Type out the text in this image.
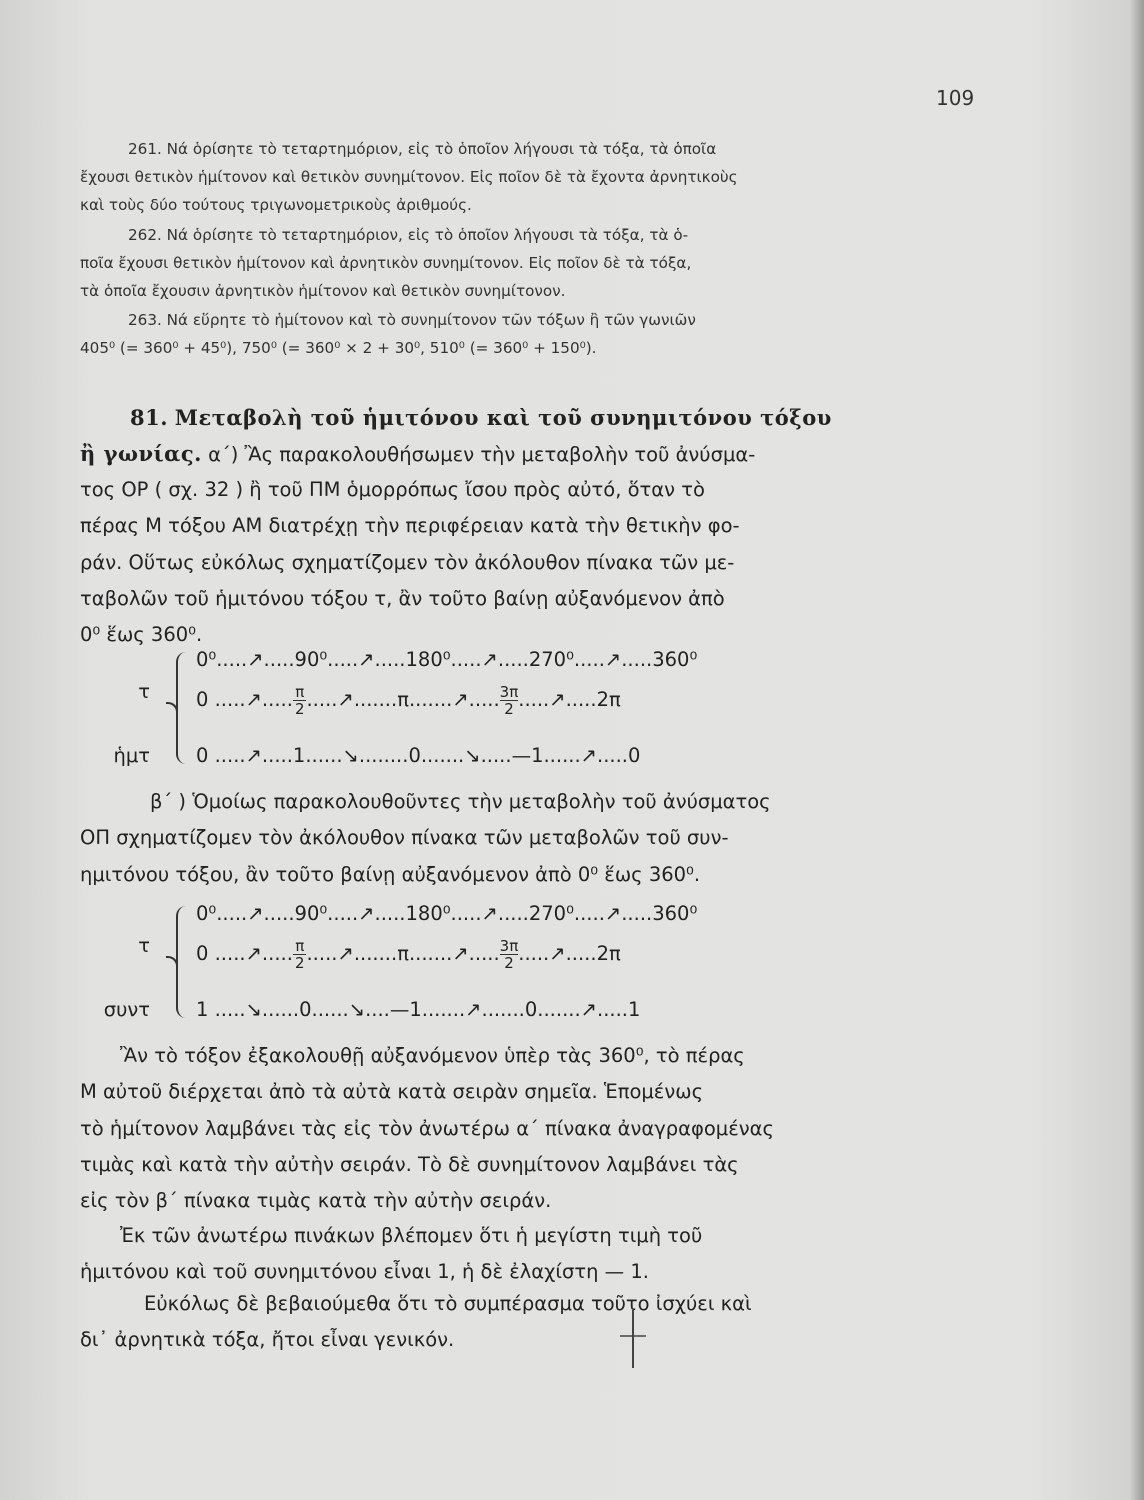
109
261. Νά ὁρίσητε τὸ τεταρτημόριον, εἰς τὸ ὁποῖον λήγουσι τὰ τόξα, τὰ ὁποῖα
ἔχουσι θετικὸν ἡμίτονον καὶ θετικὸν συνημίτονον. Εἰς ποῖον δὲ τὰ ἔχοντα ἀρνητικοὺς
καὶ τοὺς δύο τούτους τριγωνομετρικοὺς ἀριθμούς.
262. Νά ὁρίσητε τὸ τεταρτημόριον, εἰς τὸ ὁποῖον λήγουσι τὰ τόξα, τὰ ὁ-
ποῖα ἔχουσι θετικὸν ἡμίτονον καὶ ἀρνητικὸν συνημίτονον. Εἰς ποῖον δὲ τὰ τόξα,
τὰ ὁποῖα ἔχουσιν ἀρνητικὸν ἡμίτονον καὶ θετικὸν συνημίτονον.
263. Νά εὕρητε τὸ ἡμίτονον καὶ τὸ συνημίτονον τῶν τόξων ἢ τῶν γωνιῶν
405⁰ (= 360⁰ + 45⁰), 750⁰ (= 360⁰ × 2 + 30⁰, 510⁰ (= 360⁰ + 150⁰).
81. Μεταβολὴ τοῦ ἡμιτόνου καὶ τοῦ συνημιτόνου τόξου
ἢ γωνίας. α΄) Ἂς παρακολουθήσωμεν τὴν μεταβολὴν τοῦ ἀνύσμα-
τος ΟΡ ( σχ. 32 ) ἢ τοῦ ΠΜ ὁμορρόπως ἴσου πρὸς αὐτό, ὅταν τὸ
πέρας Μ τόξου ΑΜ διατρέχῃ τὴν περιφέρειαν κατὰ τὴν θετικὴν φο-
ράν. Οὕτως εὐκόλως σχηματίζομεν τὸν ἀκόλουθον πίνακα τῶν με-
ταβολῶν τοῦ ἡμιτόνου τόξου τ, ἂν τοῦτο βαίνῃ αὐξανόμενον ἀπὸ
0⁰ ἕως 360⁰.
τ
ἡμτ
0⁰.....↗.....90⁰.....↗.....180⁰.....↗.....270⁰.....↗.....360⁰
0 .....↗..... $\frac{\pi}{2}$ .....↗.......π.......↗..... $\frac{3\pi}{2}$ .....↗.....2π
0 .....↗.....1......↘........0.......↘.....—1......↗.....0
β΄ ) Ὁμοίως παρακολουθοῦντες τὴν μεταβολὴν τοῦ ἀνύσματος
ΟΠ σχηματίζομεν τὸν ἀκόλουθον πίνακα τῶν μεταβολῶν τοῦ συν-
ημιτόνου τόξου, ἂν τοῦτο βαίνῃ αὐξανόμενον ἀπὸ 0⁰ ἕως 360⁰.
τ
συντ
0⁰.....↗.....90⁰.....↗.....180⁰.....↗.....270⁰.....↗.....360⁰
0 .....↗..... $\frac{\pi}{2}$ .....↗.......π.......↗..... $\frac{3\pi}{2}$ .....↗.....2π
1 .....↘......0......↘....—1.......↗.......0.......↗.....1
Ἂν τὸ τόξον ἐξακολουθῇ αὐξανόμενον ὑπὲρ τὰς 360⁰, τὸ πέρας
Μ αὐτοῦ διέρχεται ἀπὸ τὰ αὐτὰ κατὰ σειρὰν σημεῖα. Ἑπομένως
τὸ ἡμίτονον λαμβάνει τὰς εἰς τὸν ἀνωτέρω α΄ πίνακα ἀναγραφομένας
τιμὰς καὶ κατὰ τὴν αὐτὴν σειράν. Τὸ δὲ συνημίτονον λαμβάνει τὰς
εἰς τὸν β΄ πίνακα τιμὰς κατὰ τὴν αὐτὴν σειράν.
Ἐκ τῶν ἀνωτέρω πινάκων βλέπομεν ὅτι ἡ μεγίστη τιμὴ τοῦ
ἡμιτόνου καὶ τοῦ συνημιτόνου εἶναι 1, ἡ δὲ ἐλαχίστη — 1.
Εὐκόλως δὲ βεβαιούμεθα ὅτι τὸ συμπέρασμα τοῦτο ἰσχύει καὶ
δι᾽ ἀρνητικὰ τόξα, ἤτοι εἶναι γενικόν.
